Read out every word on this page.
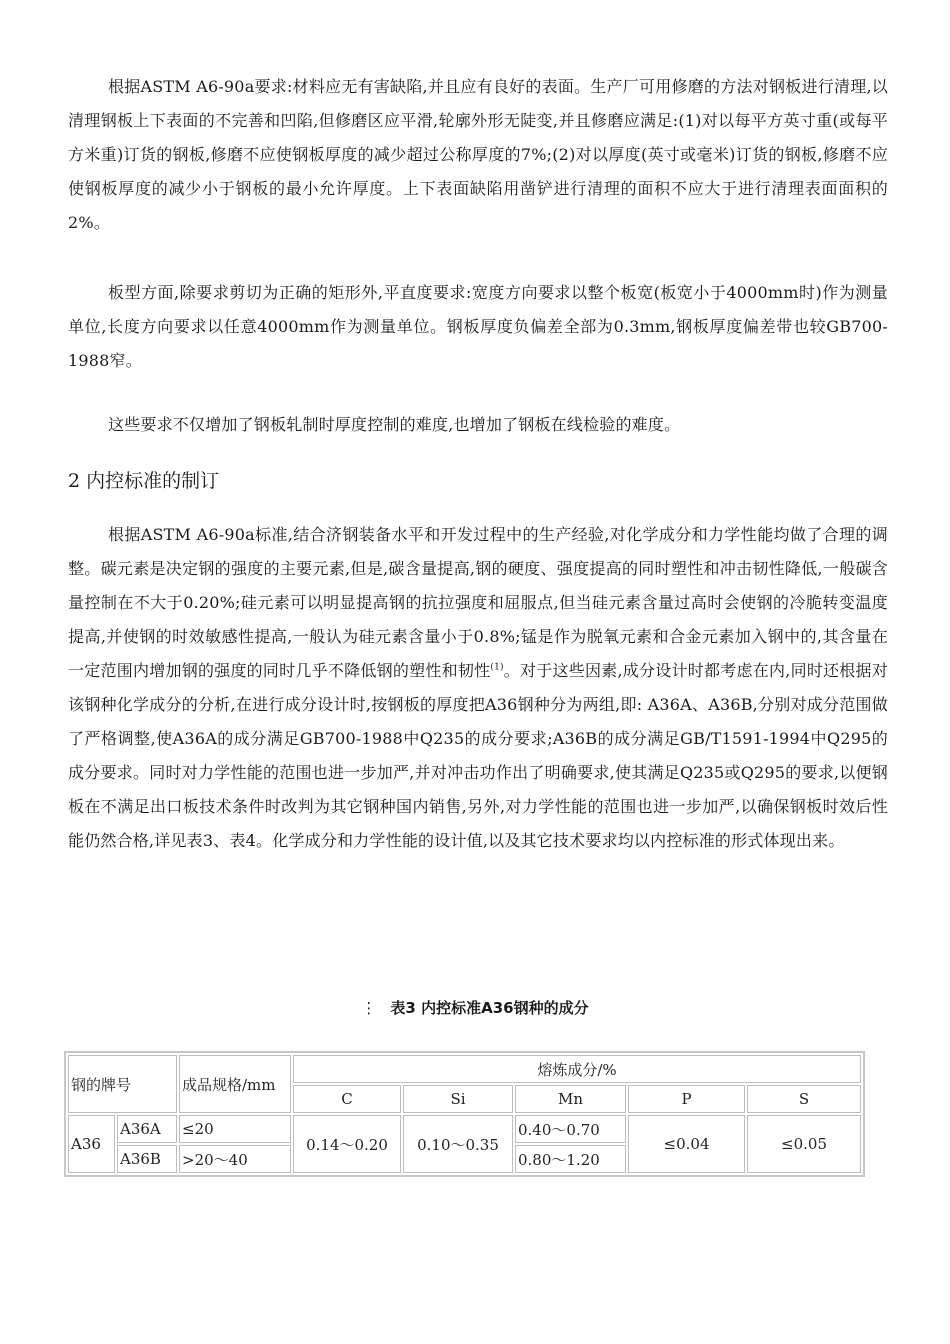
根据ASTM A6-90a要求:材料应无有害缺陷,并且应有良好的表面。生产厂可用修磨的方法对钢板进行清理,以清理钢板上下表面的不完善和凹陷,但修磨区应平滑,轮廓外形无陡变,并且修磨应满足:(1)对以每平方英寸重(或每平方米重)订货的钢板,修磨不应使钢板厚度的减少超过公称厚度的7%;(2)对以厚度(英寸或毫米)订货的钢板,修磨不应使钢板厚度的减少小于钢板的最小允许厚度。上下表面缺陷用凿铲进行清理的面积不应大于进行清理表面面积的2%。

板型方面,除要求剪切为正确的矩形外,平直度要求:宽度方向要求以整个板宽(板宽小于4000mm时)作为测量单位,长度方向要求以任意4000mm作为测量单位。钢板厚度负偏差全部为0.3mm,钢板厚度偏差带也较GB700-1988窄。

这些要求不仅增加了钢板轧制时厚度控制的难度,也增加了钢板在线检验的难度。

2 内控标准的制订

根据ASTM A6-90a标准,结合济钢装备水平和开发过程中的生产经验,对化学成分和力学性能均做了合理的调整。碳元素是决定钢的强度的主要元素,但是,碳含量提高,钢的硬度、强度提高的同时塑性和冲击韧性降低,一般碳含量控制在不大于0.20%;硅元素可以明显提高钢的抗拉强度和屈服点,但当硅元素含量过高时会使钢的冷脆转变温度提高,并使钢的时效敏感性提高,一般认为硅元素含量小于0.8%;锰是作为脱氧元素和合金元素加入钢中的,其含量在一定范围内增加钢的强度的同时几乎不降低钢的塑性和韧性$^{(1)}$。对于这些因素,成分设计时都考虑在内,同时还根据对该钢种化学成分的分析,在进行成分设计时,按钢板的厚度把A36钢种分为两组,即: A36A、A36B,分别对成分范围做了严格调整,使A36A的成分满足GB700-1988中Q235的成分要求;A36B的成分满足GB/T1591-1994中Q295的成分要求。同时对力学性能的范围也进一步加严,并对冲击功作出了明确要求,使其满足Q235或Q295的要求,以便钢板在不满足出口板技术条件时改判为其它钢种国内销售,另外,对力学性能的范围也进一步加严,以确保钢板时效后性能仍然合格,详见表3、表4。化学成分和力学性能的设计值,以及其它技术要求均以内控标准的形式体现出来。

⋮ 表3 内控标准A36钢种的成分
钢的牌号		成品规格/mm	熔炼成分/%				
			C	Si	Mn	P	S
A36	A36A	≤20	0.14～0.20	0.10～0.35	0.40～0.70	≤0.04	≤0.05
	A36B	>20～40			0.80～1.20		
